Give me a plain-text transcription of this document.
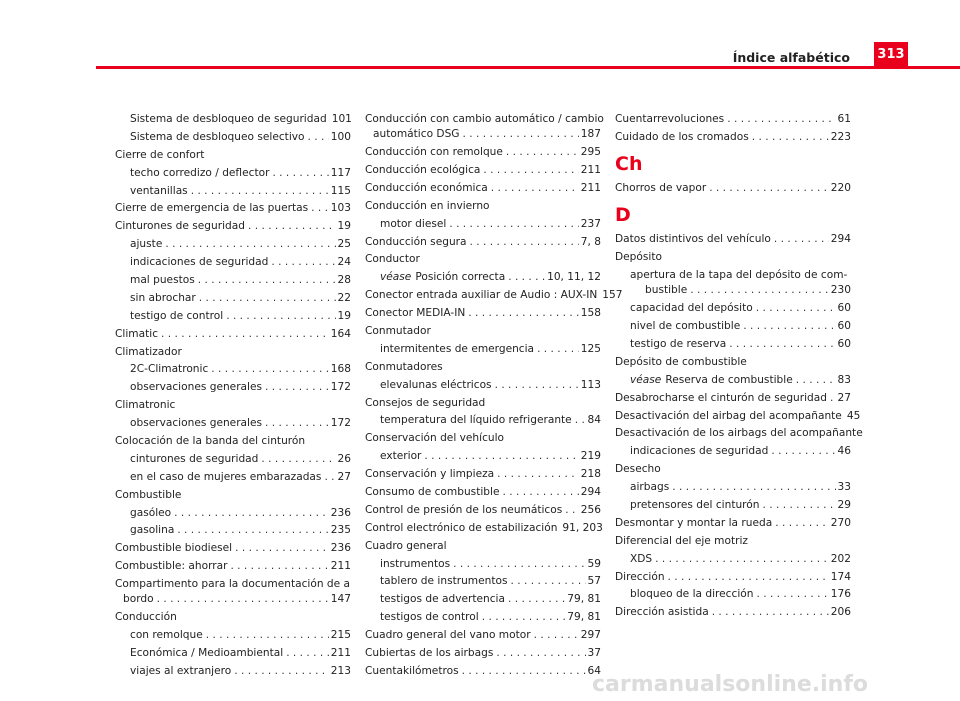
Índice alfabético 313
Sistema de desbloqueo de seguridad 101
Sistema de desbloqueo selectivo . . . 100
Cierre de confort
techo corredizo / deflector . . .	117
ventanillas . . .	115
Cierre de emergencia de las puertas . . . 103
Cinturones de seguridad . . .	19
ajuste . . .	25
indicaciones de seguridad . . .	24
mal puestos . . .	28
sin abrochar . . .	22
testigo de control . . .	19
Climatic . . .	164
Climatizador
2C-Climatronic . . .	168
observaciones generales . . .	172
Climatronic
observaciones generales . . .	172
Colocación de la banda del cinturón
cinturones de seguridad . . .	26
en el caso de mujeres embarazadas . . . 27
Combustible
gasóleo . . .	236
gasolina . . .	235
Combustible biodiesel . . .	236
Combustible: ahorrar . . .	211
Compartimento para la documentación de a
bordo . . .	147
Conducción
con remolque . . .	215
Económica / Medioambiental . . .	211
viajes al extranjero . . .	213
Conducción con cambio automático / cambio
automático DSG . . .	187
Conducción con remolque . . .	295
Conducción ecológica . . .	211
Conducción económica . . .	211
Conducción en invierno
motor diesel . . .	237
Conducción segura . . .	7, 8
Conductor
véase Posición correcta . . .	10, 11, 12
Conector entrada auxiliar de Audio : AUX-IN 157
Conector MEDIA-IN . . .	158
Conmutador
intermitentes de emergencia . . .	125
Conmutadores
elevalunas eléctricos . . .	113
Consejos de seguridad
temperatura del líquido refrigerante . . . 84
Conservación del vehículo
exterior . . .	219
Conservación y limpieza . . .	218
Consumo de combustible . . .	294
Control de presión de los neumáticos . . . 256
Control electrónico de estabilización 91, 203
Cuadro general
instrumentos . . .	59
tablero de instrumentos . . .	57
testigos de advertencia . . .	79, 81
testigos de control . . .	79, 81
Cuadro general del vano motor . . .	297
Cubiertas de los airbags . . .	37
Cuentakilómetros . . .	64
Cuentarrevoluciones . . .	61
Cuidado de los cromados . . .	223
Ch
Chorros de vapor . . .	220
D
Datos distintivos del vehículo . . .	294
Depósito
apertura de la tapa del depósito de com-
bustible . . .	230
capacidad del depósito . . .	60
nivel de combustible . . .	60
testigo de reserva . . .	60
Depósito de combustible
véase Reserva de combustible . . .	83
Desabrocharse el cinturón de seguridad . . . 27
Desactivación del airbag del acompañante 45
Desactivación de los airbags del acompañante
indicaciones de seguridad . . .	46
Desecho
airbags . . .	33
pretensores del cinturón . . .	29
Desmontar y montar la rueda . . .	270
Diferencial del eje motriz
XDS . . .	202
Dirección . . .	174
bloqueo de la dirección . . .	176
Dirección asistida . . .	206
carmanualsonline.info
